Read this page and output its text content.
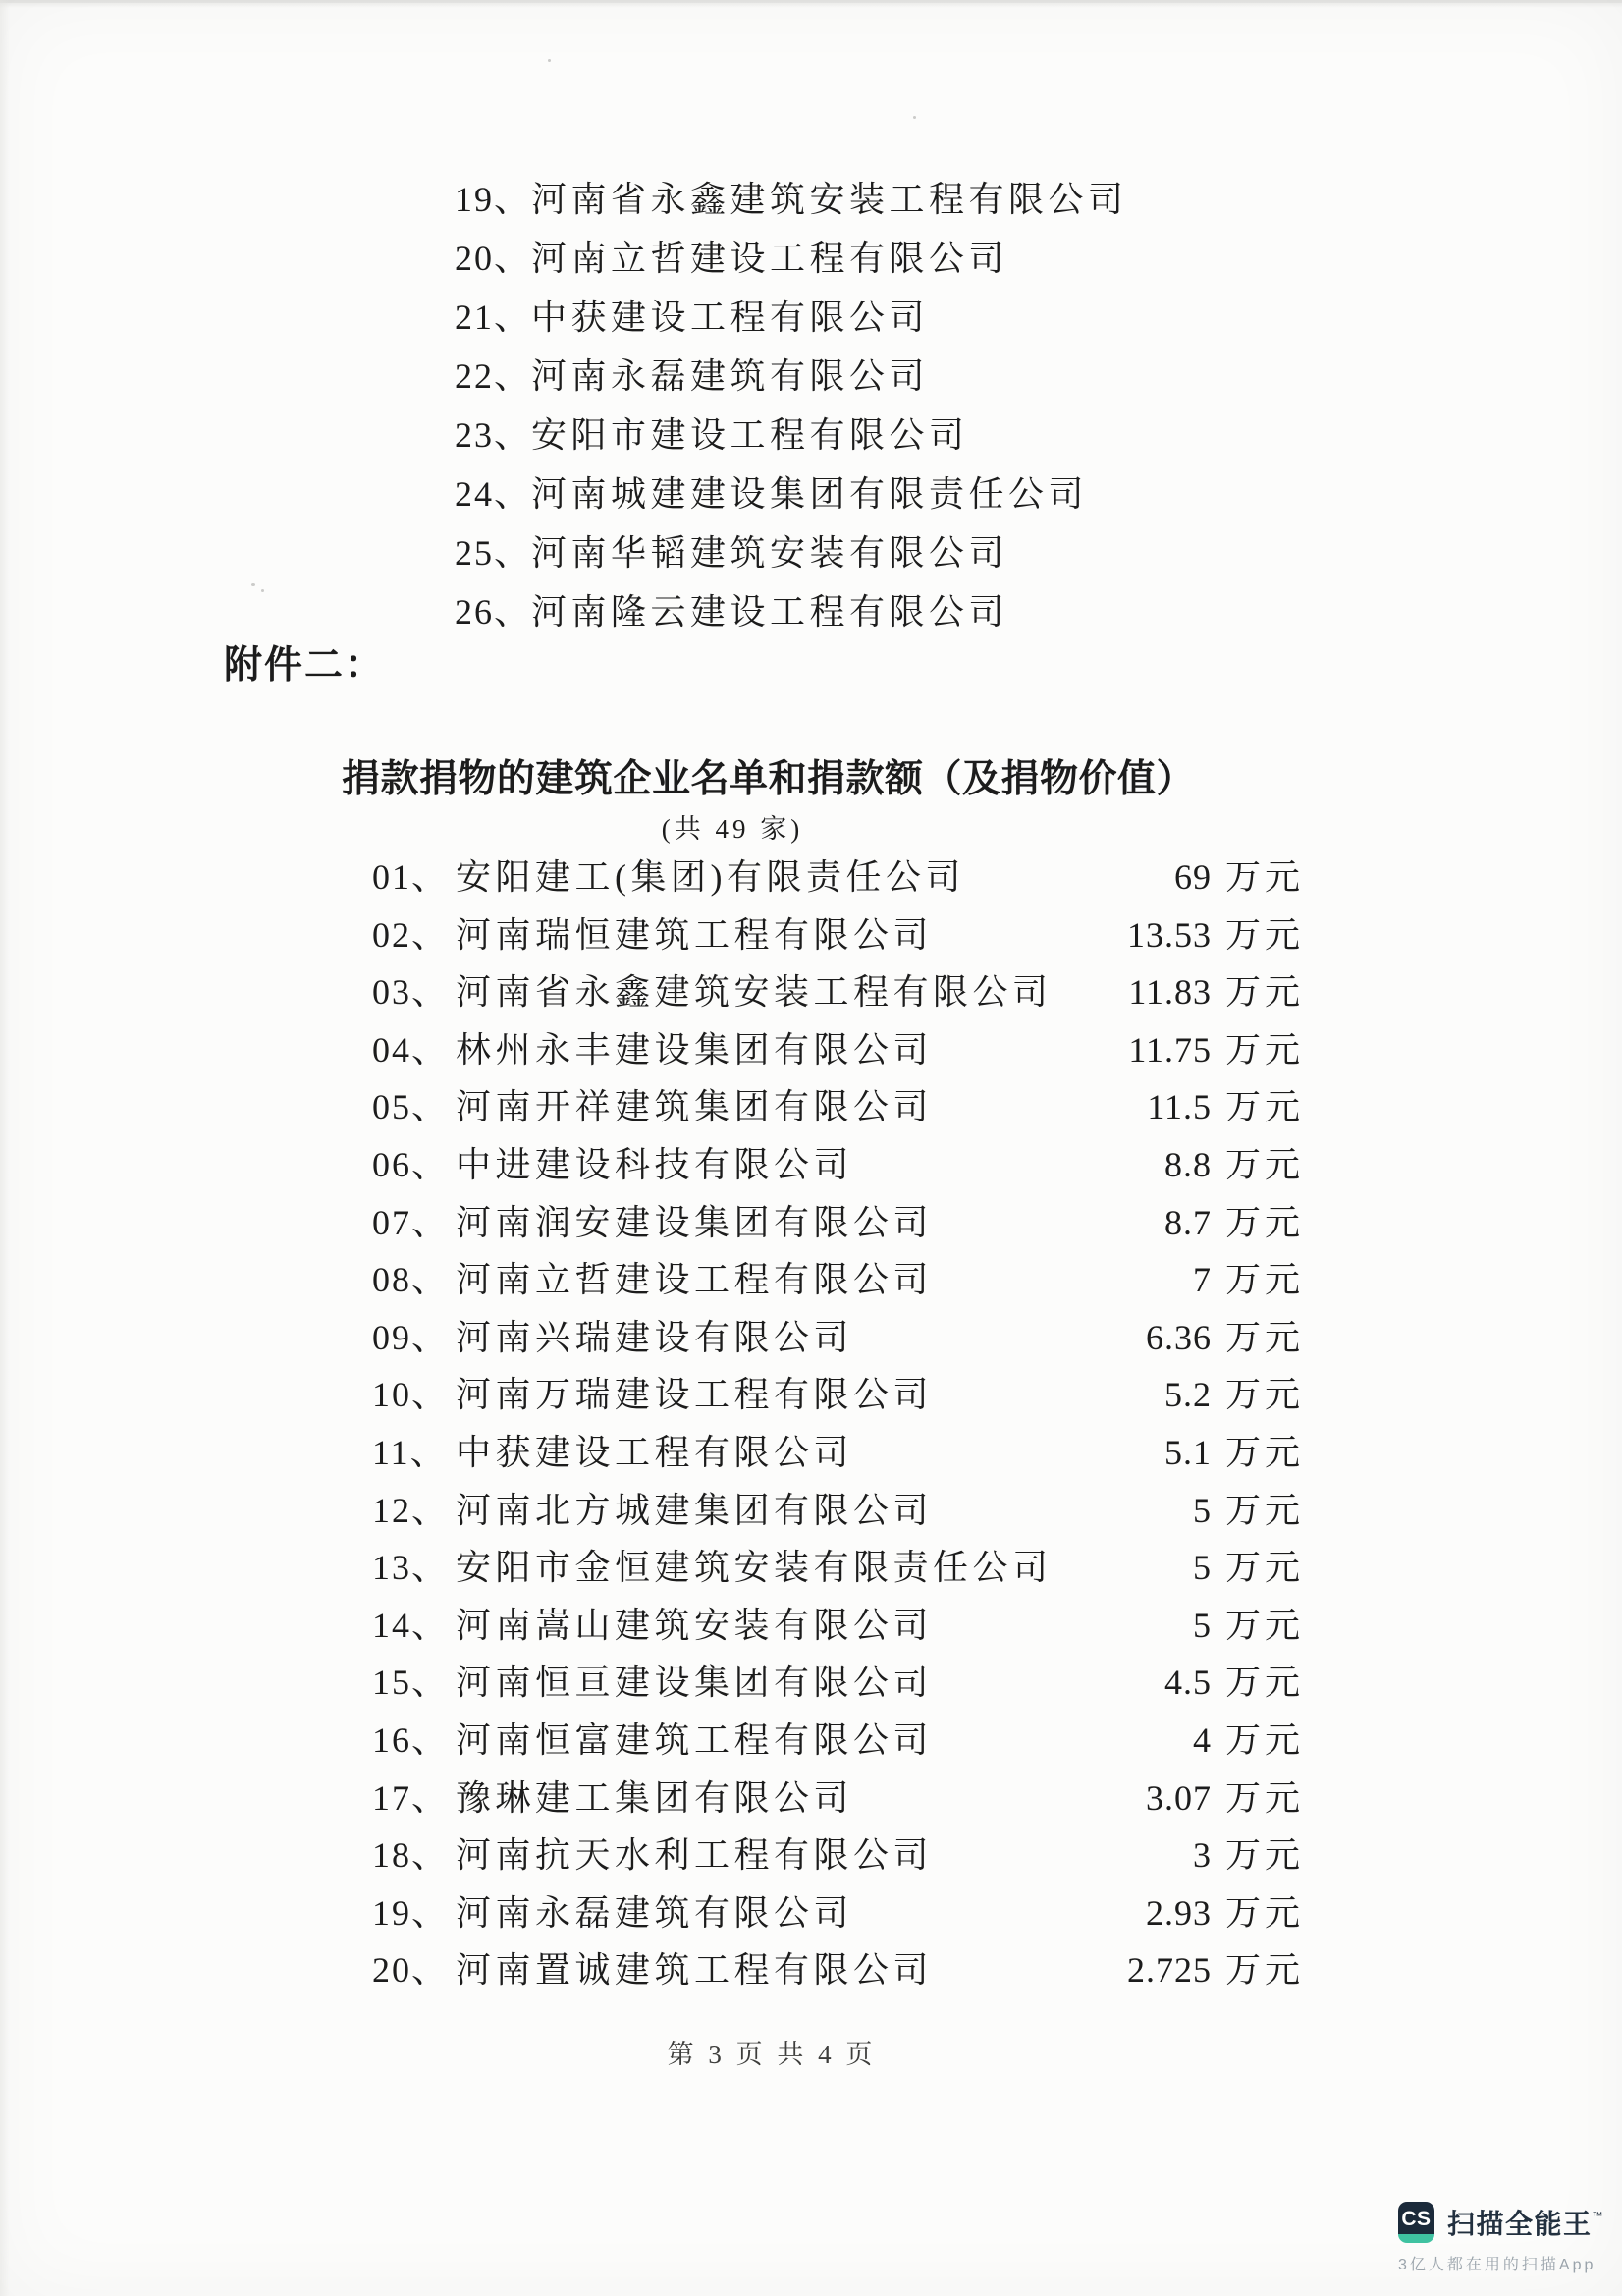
19、 河南省永鑫建筑安装工程有限公司
20、 河南立哲建设工程有限公司
21、 中获建设工程有限公司
22、 河南永磊建筑有限公司
23、 安阳市建设工程有限公司
24、 河南城建建设集团有限责任公司
25、 河南华韬建筑安装有限公司
26、 河南隆云建设工程有限公司
附件二：
捐款捐物的建筑企业名单和捐款额（及捐物价值）
(共 49 家)
01、 安阳建工(集团)有限责任公司	69 万元
02、 河南瑞恒建筑工程有限公司	13.53 万元
03、 河南省永鑫建筑安装工程有限公司	11.83 万元
04、 林州永丰建设集团有限公司	11.75 万元
05、 河南开祥建筑集团有限公司	11.5 万元
06、 中进建设科技有限公司	8.8 万元
07、 河南润安建设集团有限公司	8.7 万元
08、 河南立哲建设工程有限公司	7 万元
09、 河南兴瑞建设有限公司	6.36 万元
10、 河南万瑞建设工程有限公司	5.2 万元
11、 中获建设工程有限公司	5.1 万元
12、 河南北方城建集团有限公司	5 万元
13、 安阳市金恒建筑安装有限责任公司	5 万元
14、 河南嵩山建筑安装有限公司	5 万元
15、 河南恒亘建设集团有限公司	4.5 万元
16、 河南恒富建筑工程有限公司	4 万元
17、 豫琳建工集团有限公司	3.07 万元
18、 河南抗天水利工程有限公司	3 万元
19、 河南永磊建筑有限公司	2.93 万元
20、 河南置诚建筑工程有限公司	2.725 万元
第 3 页 共 4 页
CS 扫描全能王™
3亿人都在用的扫描App
